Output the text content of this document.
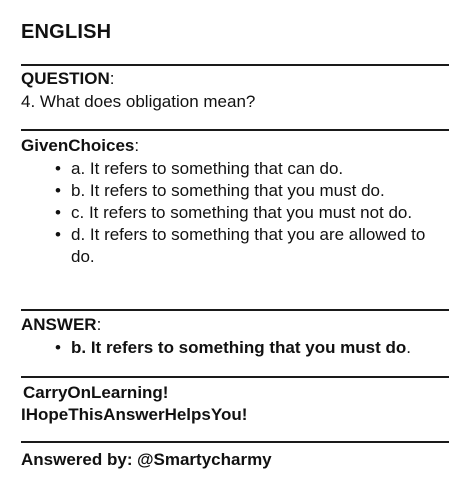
ENGLISH
QUESTION:
4. What does obligation mean?
GivenChoices:
• a. It refers to something that can do.
• b. It refers to something that you must do.
• c. It refers to something that you must not do.
• d. It refers to something that you are allowed to do.
ANSWER:
• b. It refers to something that you must do.
CarryOnLearning!
IHopeThisAnswerHelpsYou!
Answered by: @Smartycharmy
